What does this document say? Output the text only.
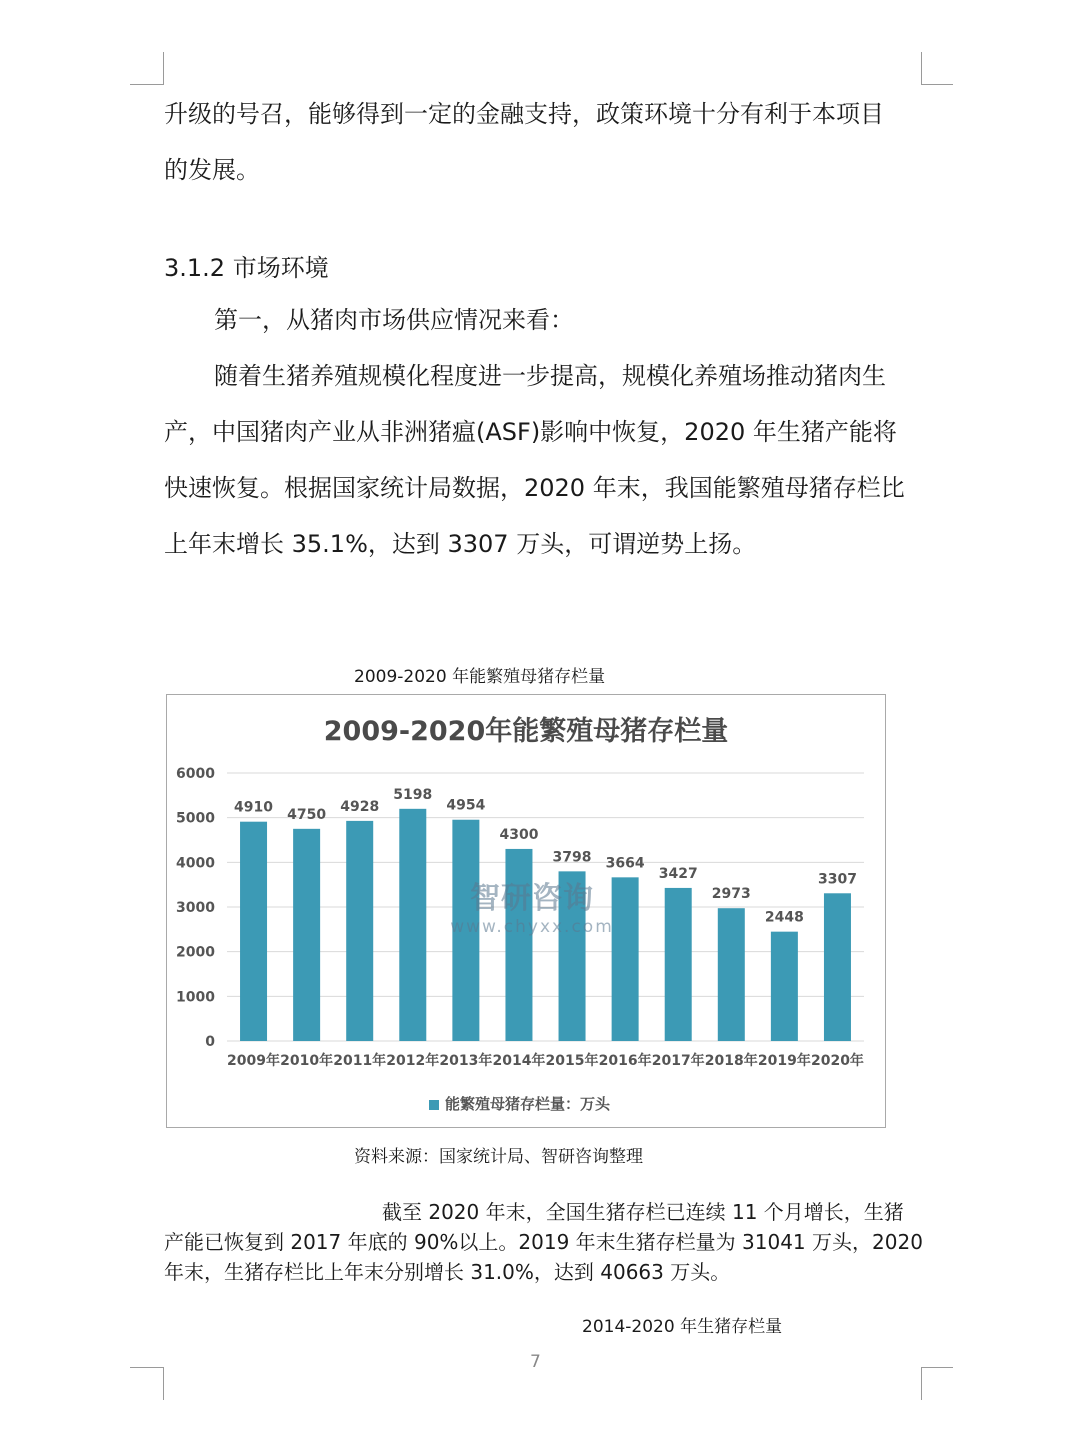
升级的号召，能够得到一定的金融支持，政策环境十分有利于本项目

的发展。

3.1.2 市场环境

第一，从猪肉市场供应情况来看：

随着生猪养殖规模化程度进一步提高，规模化养殖场推动猪肉生

产，中国猪肉产业从非洲猪瘟(ASF)影响中恢复，2020 年生猪产能将

快速恢复。根据国家统计局数据，2020 年末，我国能繁殖母猪存栏比

上年末增长 35.1%，达到 3307 万头，可谓逆势上扬。

2009-2020 年能繁殖母猪存栏量
2009-2020年能繁殖母猪存栏量
0
1000
2000
3000
4000
5000
6000
4910
2009年
4750
2010年
4928
2011年
5198
2012年
4954
2013年
4300
2014年
3798
2015年
3664
2016年
3427
2017年
2973
2018年
2448
2019年
3307
2020年
智研咨询
www.chyxx.com
能繁殖母猪存栏量：万头
资料来源：国家统计局、智研咨询整理
截至 2020 年末，全国生猪存栏已连续 11 个月增长，生猪
产能已恢复到 2017 年底的 90%以上。2019 年末生猪存栏量为 31041 万头，2020
年末，生猪存栏比上年末分别增长 31.0%，达到 40663 万头。
2014-2020 年生猪存栏量
7
